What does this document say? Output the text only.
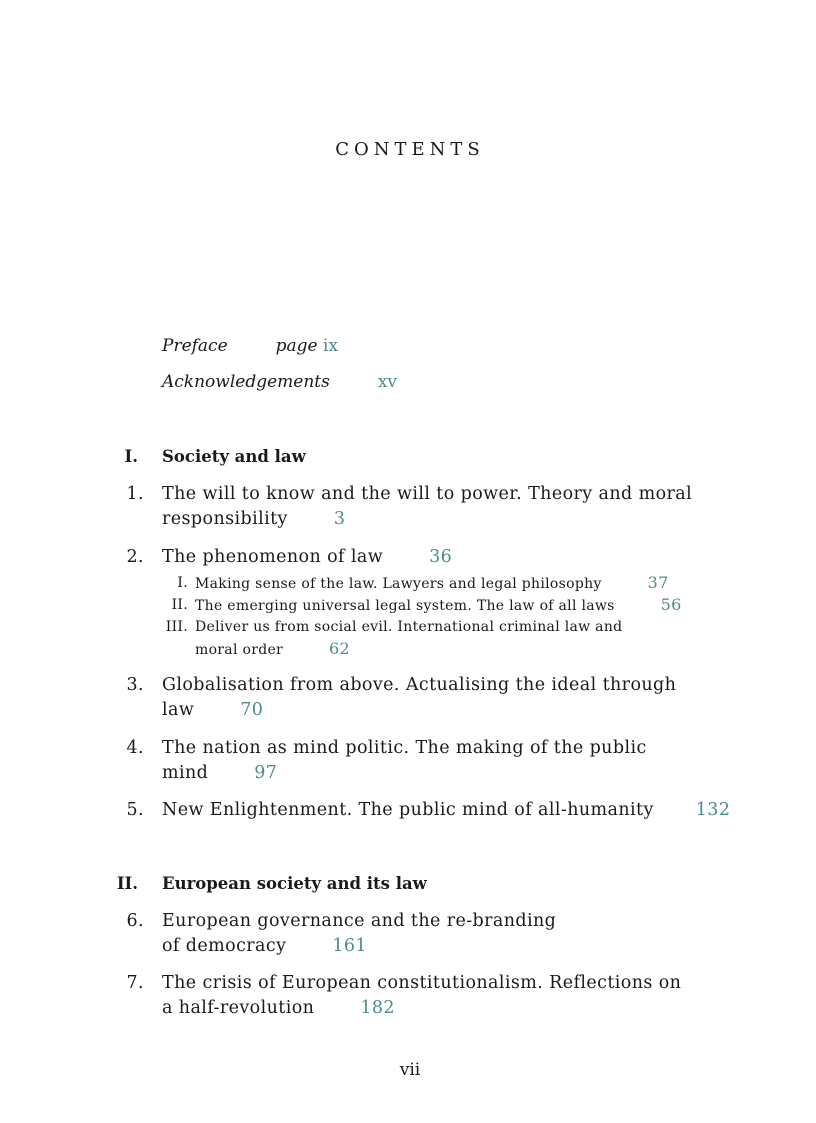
CONTENTS
Preface	page ix
Acknowledgements	xv
I. Society and law
1. The will to know and the will to power. Theory and moral
responsibility	3
2. The phenomenon of law	36
I. Making sense of the law. Lawyers and legal philosophy	37
II. The emerging universal legal system. The law of all laws	56
III. Deliver us from social evil. International criminal law and
moral order	62
3. Globalisation from above. Actualising the ideal through
law	70
4. The nation as mind politic. The making of the public
mind	97
5. New Enlightenment. The public mind of all-humanity 132
II. European society and its law
6. European governance and the re-branding
of democracy	161
7. The crisis of European constitutionalism. Reflections on
a half-revolution	182
vii
